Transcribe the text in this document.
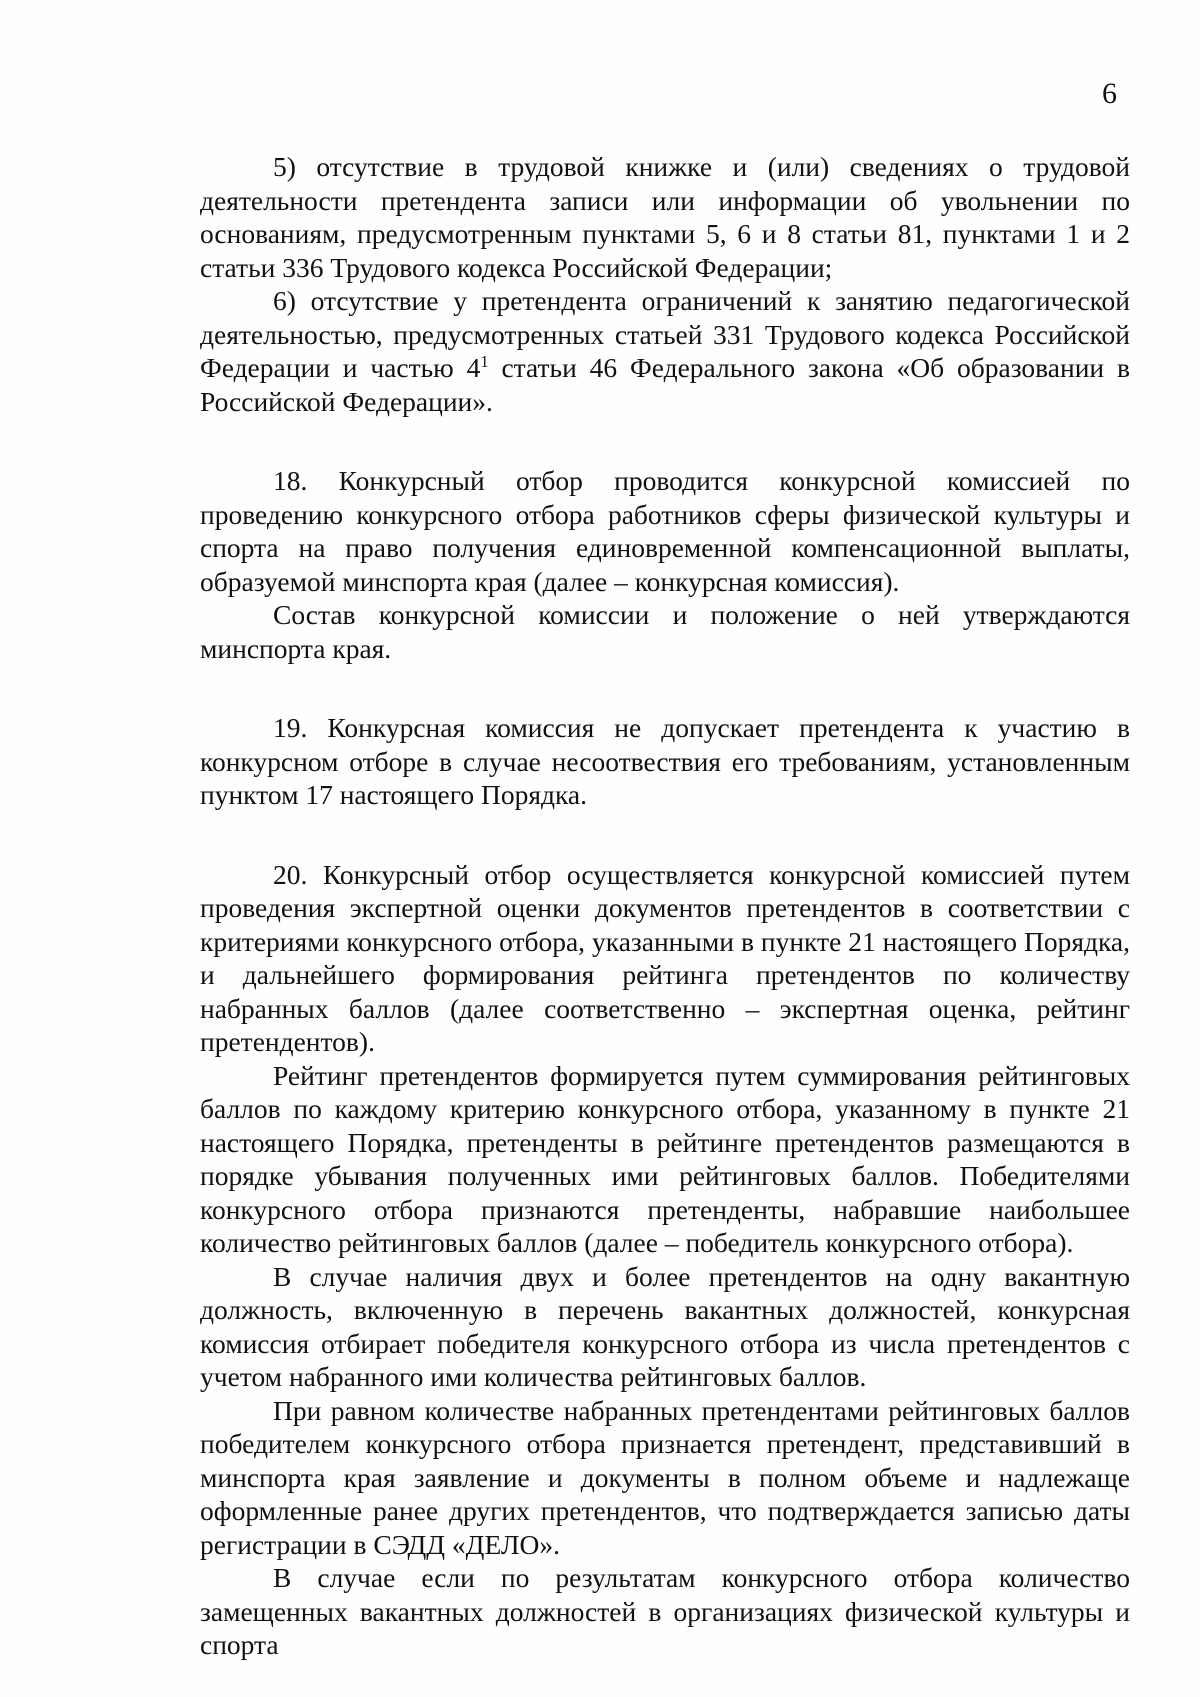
6

5) отсутствие в трудовой книжке и (или) сведениях о трудовой деятельности претендента записи или информации об увольнении по основаниям, предусмотренным пунктами 5, 6 и 8 статьи 81, пунктами 1 и 2 статьи 336 Трудового кодекса Российской Федерации;

6) отсутствие у претендента ограничений к занятию педагогической деятельностью, предусмотренных статьей 331 Трудового кодекса Российской Федерации и частью $4^1$ статьи 46 Федерального закона «Об образовании в Российской Федерации».

18. Конкурсный отбор проводится конкурсной комиссией по проведению конкурсного отбора работников сферы физической культуры и спорта на право получения единовременной компенсационной выплаты, образуемой минспорта края (далее – конкурсная комиссия).

Состав конкурсной комиссии и положение о ней утверждаются минспорта края.

19. Конкурсная комиссия не допускает претендента к участию в конкурсном отборе в случае несоотвествия его требованиям, установленным пунктом 17 настоящего Порядка.

20. Конкурсный отбор осуществляется конкурсной комиссией путем проведения экспертной оценки документов претендентов в соответствии с критериями конкурсного отбора, указанными в пункте 21 настоящего Порядка, и дальнейшего формирования рейтинга претендентов по количеству набранных баллов (далее соответственно – экспертная оценка, рейтинг претендентов).

Рейтинг претендентов формируется путем суммирования рейтинговых баллов по каждому критерию конкурсного отбора, указанному в пункте 21 настоящего Порядка, претенденты в рейтинге претендентов размещаются в порядке убывания полученных ими рейтинговых баллов. Победителями конкурсного отбора признаются претенденты, набравшие наибольшее количество рейтинговых баллов (далее – победитель конкурсного отбора).

В случае наличия двух и более претендентов на одну вакантную должность, включенную в перечень вакантных должностей, конкурсная комиссия отбирает победителя конкурсного отбора из числа претендентов с учетом набранного ими количества рейтинговых баллов.

При равном количестве набранных претендентами рейтинговых баллов победителем конкурсного отбора признается претендент, представивший в минспорта края заявление и документы в полном объеме и надлежаще оформленные ранее других претендентов, что подтверждается записью даты регистрации в СЭДД «ДЕЛО».

В случае если по результатам конкурсного отбора количество замещенных вакантных должностей в организациях физической культуры и спорта
